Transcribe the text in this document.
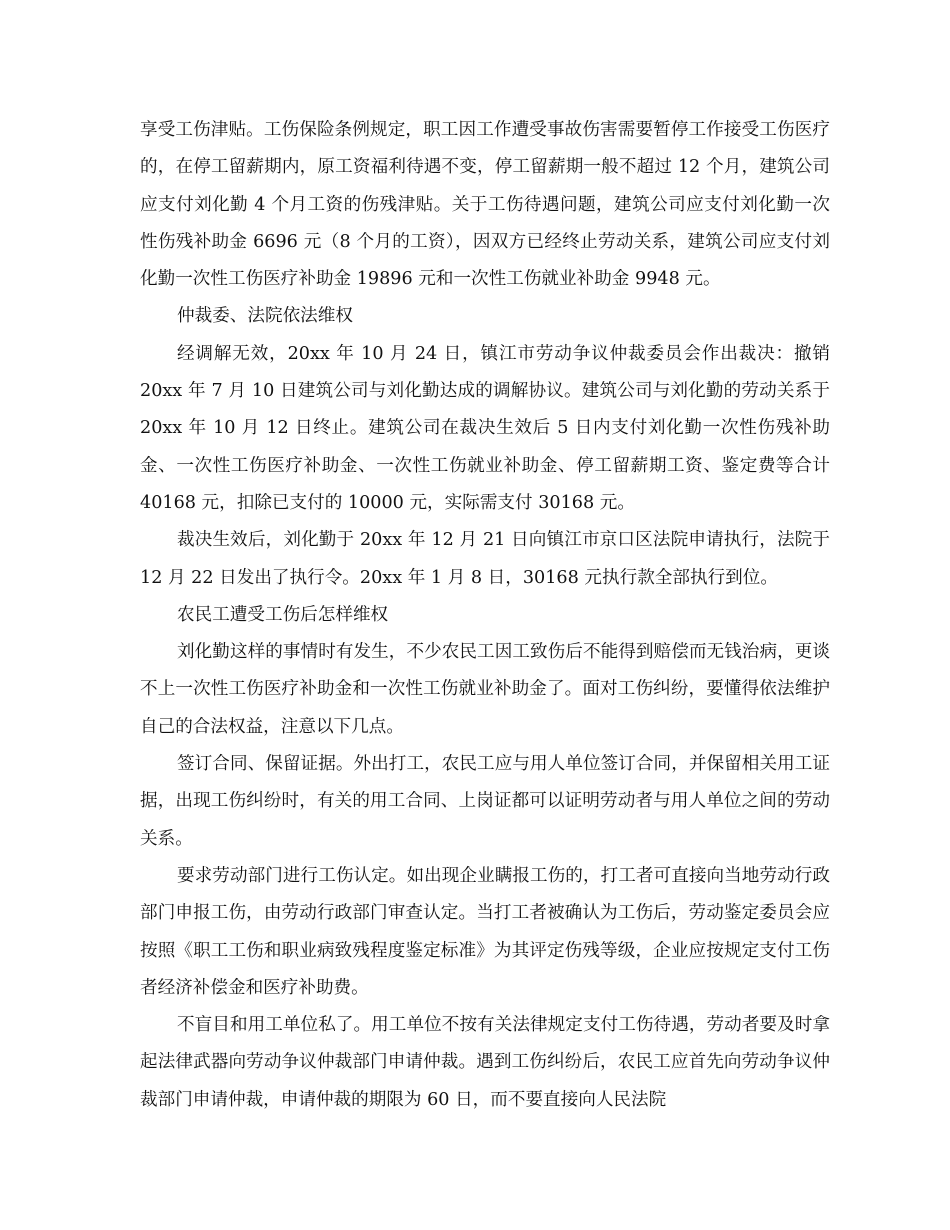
享受工伤津贴。工伤保险条例规定，职工因工作遭受事故伤害需要暂停工作接受工伤医疗的，在停工留薪期内，原工资福利待遇不变，停工留薪期一般不超过 12 个月，建筑公司应支付刘化勤 4 个月工资的伤残津贴。关于工伤待遇问题，建筑公司应支付刘化勤一次性伤残补助金 6696 元（8 个月的工资），因双方已经终止劳动关系，建筑公司应支付刘化勤一次性工伤医疗补助金 19896 元和一次性工伤就业补助金 9948 元。

仲裁委、法院依法维权

经调解无效，20xx 年 10 月 24 日，镇江市劳动争议仲裁委员会作出裁决：撤销 20xx 年 7 月 10 日建筑公司与刘化勤达成的调解协议。建筑公司与刘化勤的劳动关系于 20xx 年 10 月 12 日终止。建筑公司在裁决生效后 5 日内支付刘化勤一次性伤残补助金、一次性工伤医疗补助金、一次性工伤就业补助金、停工留薪期工资、鉴定费等合计 40168 元，扣除已支付的 10000 元，实际需支付 30168 元。

裁决生效后，刘化勤于 20xx 年 12 月 21 日向镇江市京口区法院申请执行，法院于 12 月 22 日发出了执行令。20xx 年 1 月 8 日，30168 元执行款全部执行到位。

农民工遭受工伤后怎样维权

刘化勤这样的事情时有发生，不少农民工因工致伤后不能得到赔偿而无钱治病，更谈不上一次性工伤医疗补助金和一次性工伤就业补助金了。面对工伤纠纷，要懂得依法维护自己的合法权益，注意以下几点。

签订合同、保留证据。外出打工，农民工应与用人单位签订合同，并保留相关用工证据，出现工伤纠纷时，有关的用工合同、上岗证都可以证明劳动者与用人单位之间的劳动关系。

要求劳动部门进行工伤认定。如出现企业瞒报工伤的，打工者可直接向当地劳动行政部门申报工伤，由劳动行政部门审查认定。当打工者被确认为工伤后，劳动鉴定委员会应按照《职工工伤和职业病致残程度鉴定标准》为其评定伤残等级，企业应按规定支付工伤者经济补偿金和医疗补助费。

不盲目和用工单位私了。用工单位不按有关法律规定支付工伤待遇，劳动者要及时拿起法律武器向劳动争议仲裁部门申请仲裁。遇到工伤纠纷后，农民工应首先向劳动争议仲裁部门申请仲裁，申请仲裁的期限为 60 日，而不要直接向人民法院
